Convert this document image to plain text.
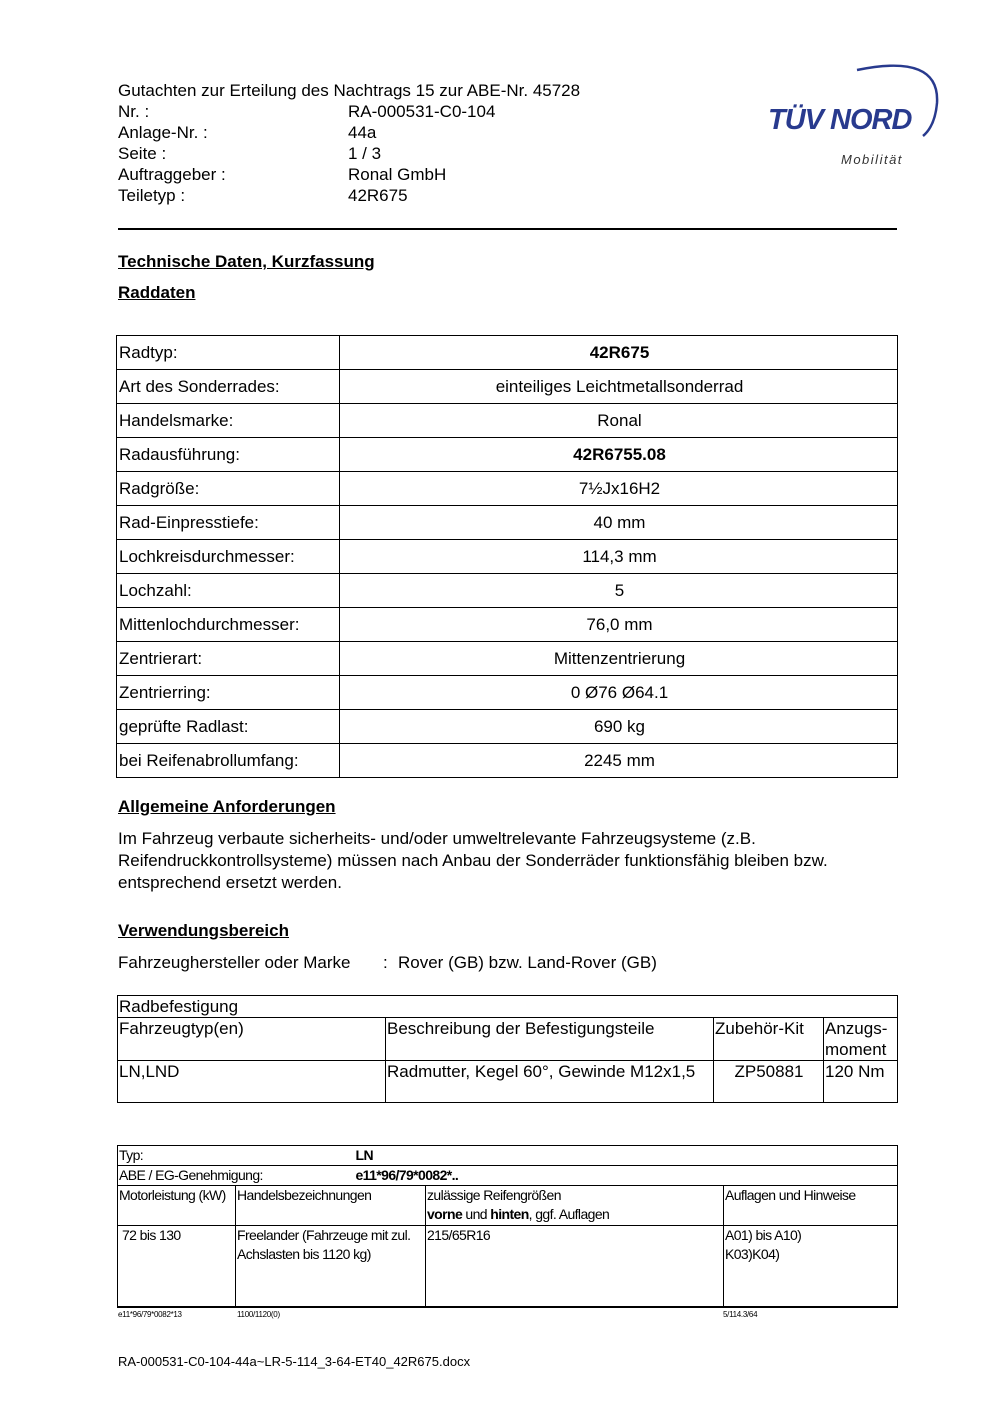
Gutachten zur Erteilung des Nachtrags 15 zur ABE-Nr. 45728
Nr. :	RA-000531-C0-104
Anlage-Nr. :	44a
Seite :	1 / 3
Auftraggeber :	Ronal GmbH
Teiletyp :	42R675
TÜV NORD
Mobilität
Technische Daten, Kurzfassung
Raddaten
Radtyp:	42R675
Art des Sonderrades:	einteiliges Leichtmetallsonderrad
Handelsmarke:	Ronal
Radausführung:	42R6755.08
Radgröße:	7½Jx16H2
Rad-Einpresstiefe:	40 mm
Lochkreisdurchmesser:	114,3 mm
Lochzahl:	5
Mittenlochdurchmesser:	76,0 mm
Zentrierart:	Mittenzentrierung
Zentrierring:	0 Ø76 Ø64.1
geprüfte Radlast:	690 kg
bei Reifenabrollumfang:	2245 mm
Allgemeine Anforderungen
Im Fahrzeug verbaute sicherheits- und/oder umweltrelevante Fahrzeugsysteme (z.B. Reifendruckkontrollsysteme) müssen nach Anbau der Sonderräder funktionsfähig bleiben bzw. entsprechend ersetzt werden.
Verwendungsbereich
Fahrzeughersteller oder Marke : Rover (GB) bzw. Land-Rover (GB)
Radbefestigung			
Fahrzeugtyp(en)	Beschreibung der Befestigungsteile	Zubehör-Kit	Anzugs-moment
LN,LND	Radmutter, Kegel 60°, Gewinde M12x1,5	ZP50881	120 Nm
Typ: LN			

ABE / EG-Genehmigung: e11*96/79*0082*..			

Motorleistung (kW)	Handelsbezeichnungen	zulässige Reifengrößen
vorne und hinten, ggf. Auflagen	Auflagen und Hinweise
72 bis 130	Freelander (Fahrzeuge mit zul. Achslasten bis 1120 kg)	215/65R16	A01) bis A10)
K03)K04)
e11*96/79*0082*13	1100/1120(0)	5/114.3/64
RA-000531-C0-104-44a~LR-5-114_3-64-ET40_42R675.docx
